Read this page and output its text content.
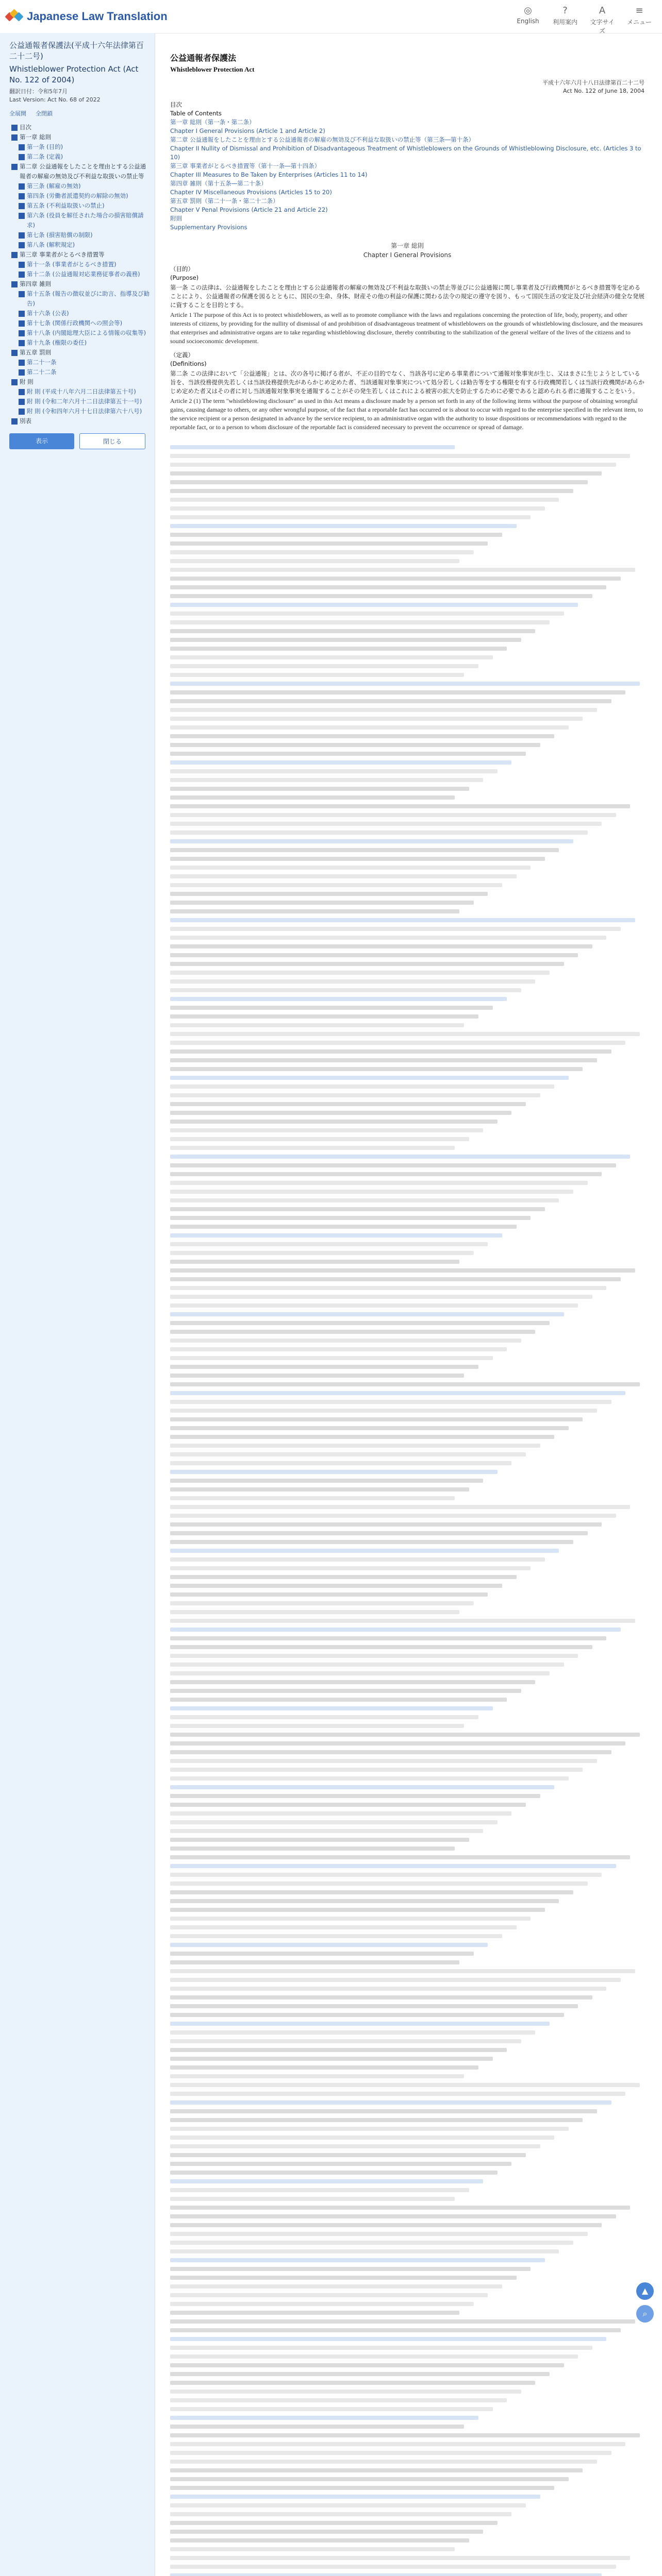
Japanese Law Translation	◎
English
?
利用案内
A
文字サイズ
≡
メニュー
公益通報者保護法(平成十六年法律第百二十二号)
Whistleblower Protection Act (Act No. 122 of 2004)
翻訳日付：令和5年7月
Last Version: Act No. 68 of 2022
全展開 全閉鎖
目次
第一章 総則
第一条 (目的)
第二条 (定義)
第二章 公益通報をしたことを理由とする公益通報者の解雇の無効及び不利益な取扱いの禁止等
第三条 (解雇の無効)
第四条 (労働者派遣契約の解除の無効)
第五条 (不利益取扱いの禁止)
第六条 (役員を解任された場合の損害賠償請求)
第七条 (損害賠償の制限)
第八条 (解釈規定)
第三章 事業者がとるべき措置等
第十一条 (事業者がとるべき措置)
第十二条 (公益通報対応業務従事者の義務)
第四章 雑則
第十五条 (報告の徴収並びに助言、指導及び勧告)
第十六条 (公表)
第十七条 (関係行政機関への照会等)
第十八条 (内閣総理大臣による情報の収集等)
第十九条 (権限の委任)
第五章 罰則
第二十一条
第二十二条
附 則
附 則 (平成十八年六月二日法律第五十号)
附 則 (令和二年六月十二日法律第五十一号)
附 則 (令和四年六月十七日法律第六十八号)
別表
表示	閉じる
公益通報者保護法
Whistleblower Protection Act
平成十六年六月十八日法律第百二十二号
Act No. 122 of June 18, 2004
目次
Table of Contents
第一章 総則（第一条・第二条）
Chapter I General Provisions (Article 1 and Article 2)
第二章 公益通報をしたことを理由とする公益通報者の解雇の無効及び不利益な取扱いの禁止等（第三条―第十条）
Chapter II Nullity of Dismissal and Prohibition of Disadvantageous Treatment of Whistleblowers on the Grounds of Whistleblowing Disclosure, etc. (Articles 3 to 10)
第三章 事業者がとるべき措置等（第十一条―第十四条）
Chapter III Measures to Be Taken by Enterprises (Articles 11 to 14)
第四章 雑則（第十五条―第二十条）
Chapter IV Miscellaneous Provisions (Articles 15 to 20)
第五章 罰則（第二十一条・第二十二条）
Chapter V Penal Provisions (Article 21 and Article 22)
附則
Supplementary Provisions
第一章 総則
Chapter I General Provisions
（目的）
(Purpose)
第一条 この法律は、公益通報をしたことを理由とする公益通報者の解雇の無効及び不利益な取扱いの禁止等並びに公益通報に関し事業者及び行政機関がとるべき措置等を定めることにより、公益通報者の保護を図るとともに、国民の生命、身体、財産その他の利益の保護に関わる法令の規定の遵守を図り、もって国民生活の安定及び社会経済の健全な発展に資することを目的とする。
Article 1 The purpose of this Act is to protect whistleblowers, as well as to promote compliance with the laws and regulations concerning the protection of life, body, property, and other interests of citizens, by providing for the nullity of dismissal of and prohibition of disadvantageous treatment of whistleblowers on the grounds of whistleblowing disclosure, and the measures that enterprises and administrative organs are to take regarding whistleblowing disclosure, thereby contributing to the stabilization of the general welfare of the lives of the citizens and to sound socioeconomic development.
（定義）
(Definitions)
第二条 この法律において「公益通報」とは、次の各号に掲げる者が、不正の目的でなく、当該各号に定める事業者について通報対象事実が生じ、又はまさに生じようとしている旨を、当該役務提供先若しくは当該役務提供先があらかじめ定めた者、当該通報対象事実について処分若しくは勧告等をする権限を有する行政機関若しくは当該行政機関があらかじめ定めた者又はその者に対し当該通報対象事実を通報することがその発生若しくはこれによる被害の拡大を防止するために必要であると認められる者に通報することをいう。
Article 2 (1) The term "whistleblowing disclosure" as used in this Act means a disclosure made by a person set forth in any of the following items without the purpose of obtaining wrongful gains, causing damage to others, or any other wrongful purpose, of the fact that a reportable fact has occurred or is about to occur with regard to the enterprise specified in the relevant item, to the service recipient or a person designated in advance by the service recipient, to an administrative organ with the authority to issue dispositions or recommendations with regard to the reportable fact, or to a person to whom disclosure of the reportable fact is considered necessary to prevent the occurrence or spread of damage.
▲
⌕
